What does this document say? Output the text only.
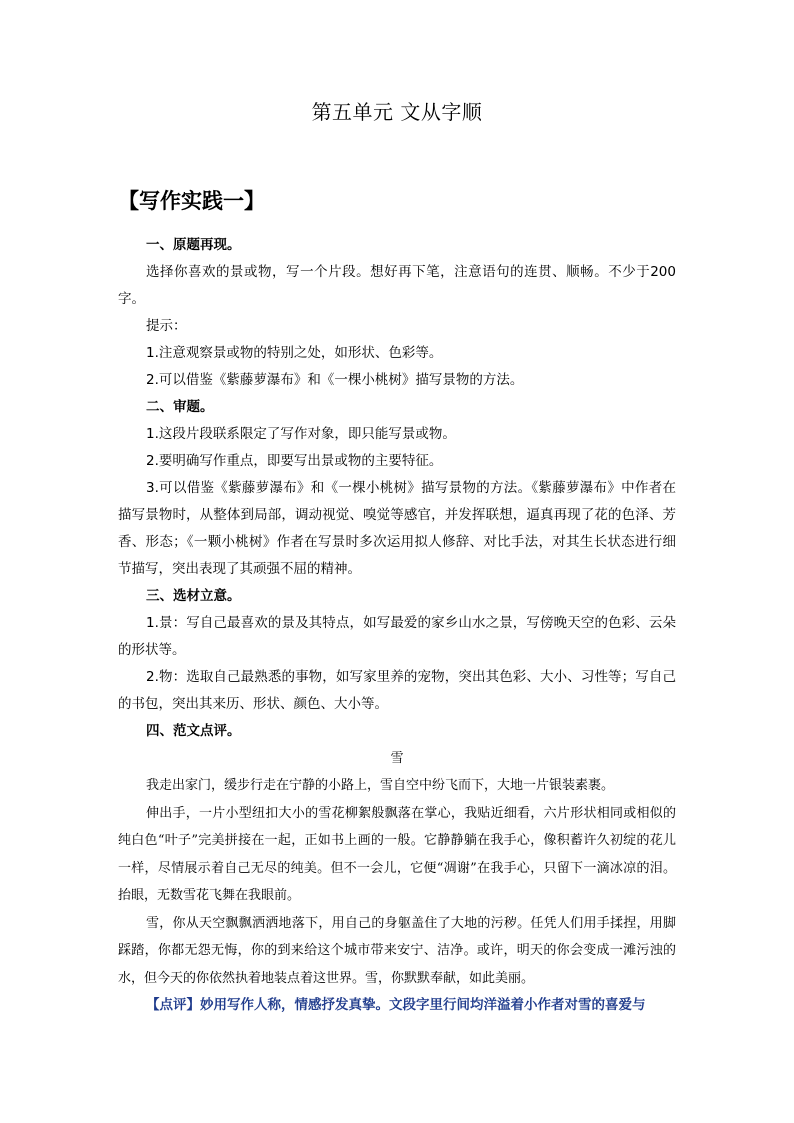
第五单元 文从字顺
【写作实践一】

一、原题再现。

选择你喜欢的景或物，写一个片段。想好再下笔，注意语句的连贯、顺畅。不少于200字。

提示：

1.注意观察景或物的特别之处，如形状、色彩等。

2.可以借鉴《紫藤萝瀑布》和《一棵小桃树》描写景物的方法。

二、审题。

1.这段片段联系限定了写作对象，即只能写景或物。

2.要明确写作重点，即要写出景或物的主要特征。

3.可以借鉴《紫藤萝瀑布》和《一棵小桃树》描写景物的方法。《紫藤萝瀑布》中作者在描写景物时，从整体到局部，调动视觉、嗅觉等感官，并发挥联想，逼真再现了花的色泽、芳香、形态；《一颗小桃树》作者在写景时多次运用拟人修辞、对比手法，对其生长状态进行细节描写，突出表现了其顽强不屈的精神。

三、选材立意。

1.景：写自己最喜欢的景及其特点，如写最爱的家乡山水之景，写傍晚天空的色彩、云朵的形状等。

2.物：选取自己最熟悉的事物，如写家里养的宠物，突出其色彩、大小、习性等；写自己的书包，突出其来历、形状、颜色、大小等。

四、范文点评。

雪

我走出家门，缓步行走在宁静的小路上，雪自空中纷飞而下，大地一片银装素裹。

伸出手，一片小型纽扣大小的雪花柳絮般飘落在掌心，我贴近细看，六片形状相同或相似的纯白色“叶子”完美拼接在一起，正如书上画的一般。它静静躺在我手心，像积蓄许久初绽的花儿一样，尽情展示着自己无尽的纯美。但不一会儿，它便“凋谢”在我手心，只留下一滴冰凉的泪。抬眼，无数雪花飞舞在我眼前。

雪，你从天空飘飘洒洒地落下，用自己的身躯盖住了大地的污秽。任凭人们用手揉捏，用脚踩踏，你都无怨无悔，你的到来给这个城市带来安宁、洁净。或许，明天的你会变成一滩污浊的水，但今天的你依然执着地装点着这世界。雪，你默默奉献，如此美丽。

【点评】妙用写作人称，情感抒发真挚。文段字里行间均洋溢着小作者对雪的喜爱与
